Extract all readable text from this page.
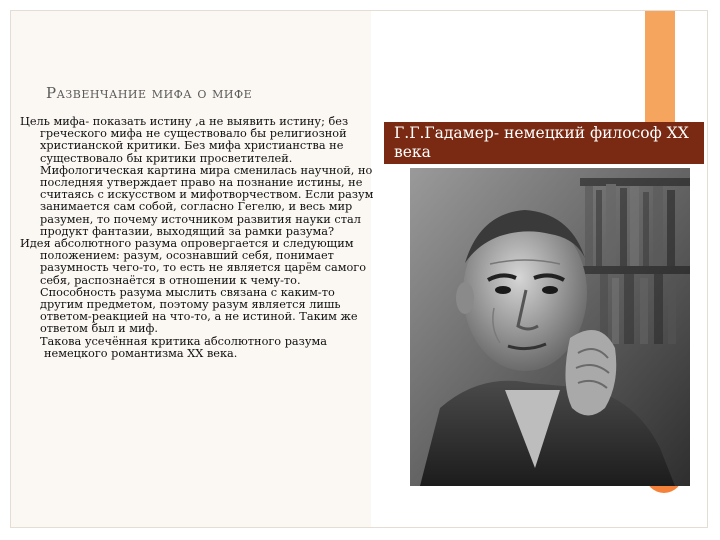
Развенчание мифа о мифе

Цель мифа- показать истину ,а не выявить истину; без греческого мифа не существовало бы религиозной христианской критики. Без мифа христианства не существовало бы критики просветителей. Мифологическая картина мира сменилась научной, но последняя утверждает право на познание истины, не считаясь с искусством и мифотворчеством. Если разум занимается сам собой, согласно Гегелю, и весь мир разумен, то почему источником развития науки стал продукт фантазии, выходящий за рамки разума?

Идея абсолютного разума опровергается и следующим положением: разум, осознавший себя, понимает разумность чего-то, то есть не является царём самого себя, распознаётся в отношении к чему-то. Способность разума мыслить связана с каким-то другим предметом, поэтому разум является лишь ответом-реакцией на что-то, а не истиной. Таким же ответом был и миф.

Такова усечённая критика абсолютного разума немецкого романтизма XX века.

Г.Г.Гадамер- немецкий философ XX века
